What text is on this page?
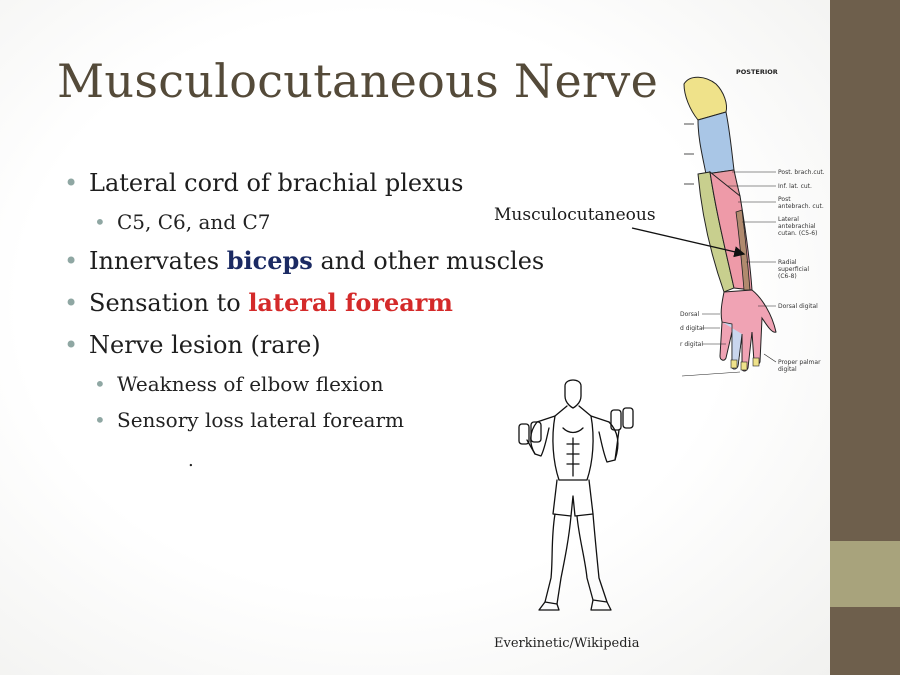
Musculocutaneous Nerve
• Lateral cord of brachial plexus
• C5, C6, and C7
• Innervates biceps and other muscles
• Sensation to lateral forearm
• Nerve lesion (rare)
• Weakness of elbow flexion
• Sensory loss lateral forearm
.
Musculocutaneous
POSTERIOR
Post. brach.cut.
Inf. lat. cut.
Post
antebrach. cut.
Lateral
antebrachial
cutan. (C5-6)
Radial
superficial
(C6-8)
Dorsal digital
Proper palmar
digital
Dorsal
d digital
r digital
Everkinetic/Wikipedia
